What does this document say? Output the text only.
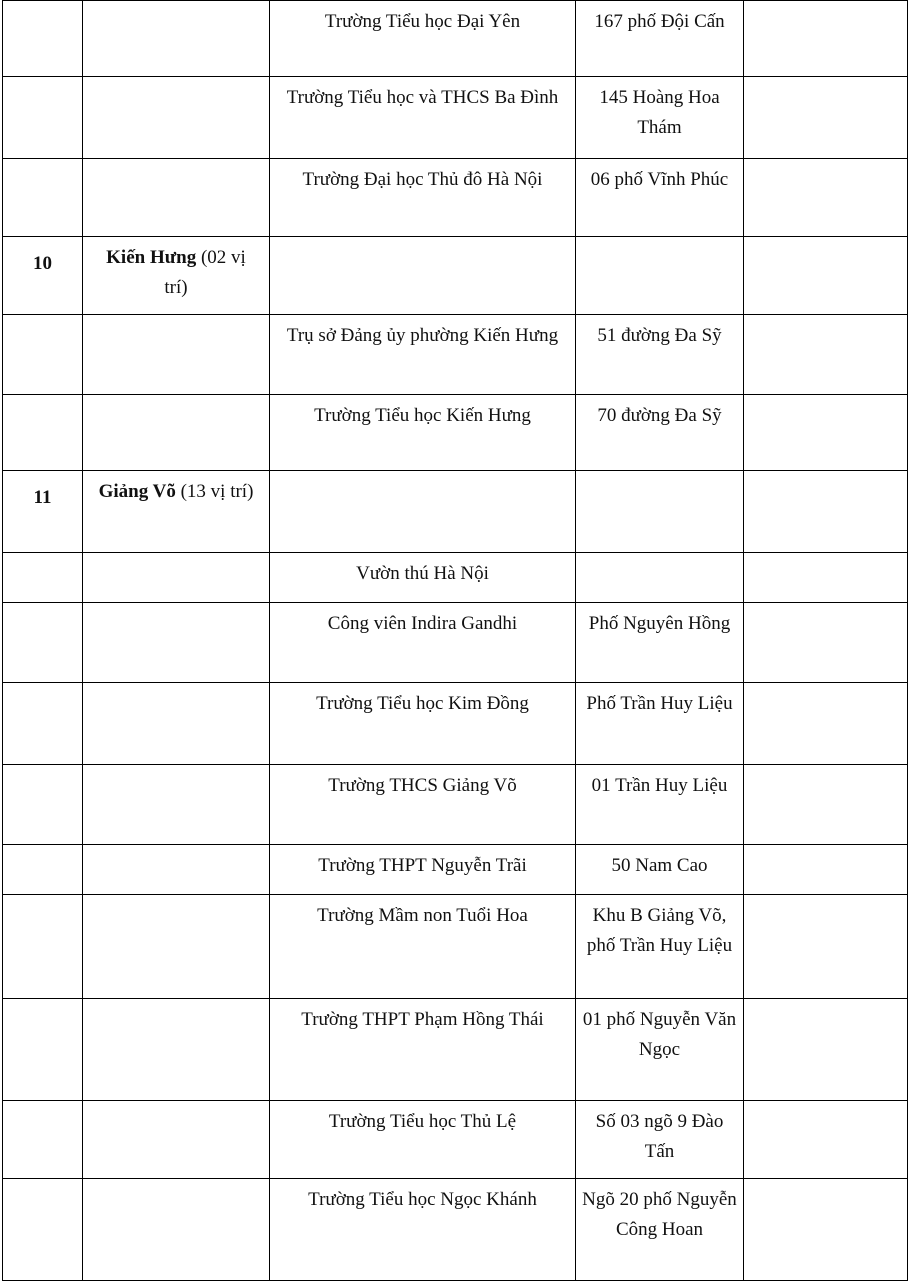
		Trường Tiểu học Đại Yên	167 phố Đội Cấn	
		Trường Tiểu học và THCS Ba Đình	145 Hoàng Hoa Thám	
		Trường Đại học Thủ đô Hà Nội	06 phố Vĩnh Phúc	
10	Kiến Hưng (02 vị trí)			
		Trụ sở Đảng ủy phường Kiến Hưng	51 đường Đa Sỹ	
		Trường Tiểu học Kiến Hưng	70 đường Đa Sỹ	
11	Giảng Võ (13 vị trí)			
		Vườn thú Hà Nội		
		Công viên Indira Gandhi	Phố Nguyên Hồng	
		Trường Tiểu học Kim Đồng	Phố Trần Huy Liệu	
		Trường THCS Giảng Võ	01 Trần Huy Liệu	
		Trường THPT Nguyễn Trãi	50 Nam Cao	
		Trường Mầm non Tuổi Hoa	Khu B Giảng Võ, phố Trần Huy Liệu	
		Trường THPT Phạm Hồng Thái	01 phố Nguyễn Văn Ngọc	
		Trường Tiểu học Thủ Lệ	Số 03 ngõ 9 Đào Tấn	
		Trường Tiểu học Ngọc Khánh	Ngõ 20 phố Nguyễn Công Hoan	
